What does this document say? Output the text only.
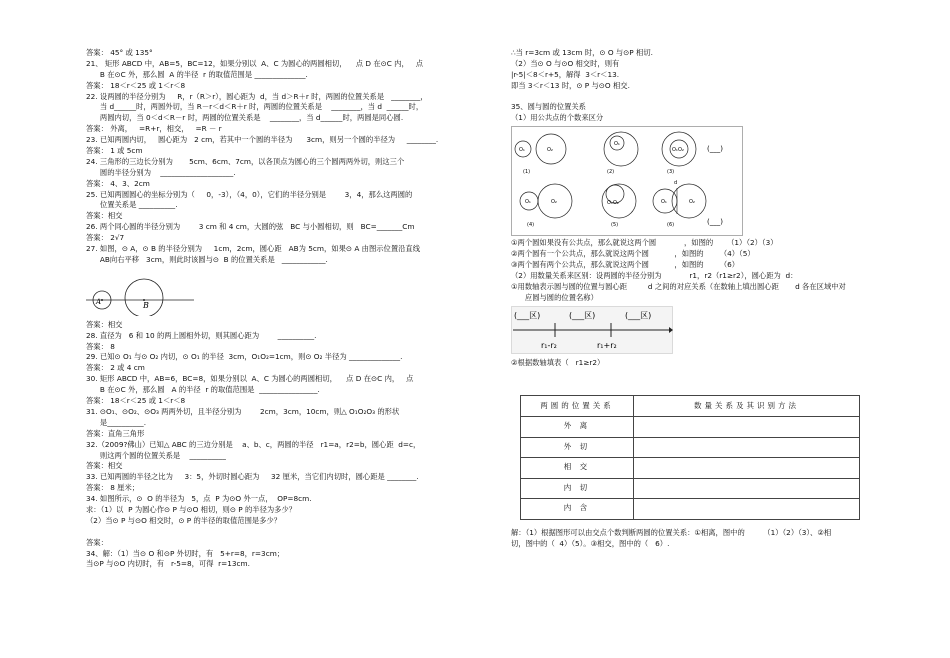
答案： 45° 或 135°
21、 矩形 ABCD 中，AB=5，BC=12，如果分别以  A、C 为圆心的两圆相切，    点 D 在⊙C 内，   点
B 在⊙C 外，那么圆  A 的半径  r 的取值范围是 ______________.
答案： 18＜r＜25 或 1＜r＜8
22. 设两圆的半径分别为     R，r（R＞r），圆心距为  d，当 d＞R＋r 时，两圆的位置关系是   ________，
当 d______时，两圆外切，当 R－r＜d＜R＋r 时，两圆的位置关系是    ________，当 d  ______时，
两圆内切，当 0＜d＜R－r 时，两圆的位置关系是    ________，当 d______时，两圆是同心圆.
答案： 外离，   =R+r，相交，   =R － r
23. 已知两圆内切，   圆心距为   2 cm，若其中一个圆的半径为      3cm，则另一个圆的半径为     ________.
答案： 1 或 5cm
24. 三角形的三边长分别为       5cm、6cm、7cm，以各顶点为圆心的三个圆两两外切，则这三个
圆的半径分别为    ____________________.
答案： 4、3、2cm
25. 已知两圆圆心的坐标分别为（     0，-3），（4，0），它们的半径分别是        3，4，那么这两圆的
位置关系是 __________.
答案：相交
26. 两个同心圆的半径分别为        3 cm 和 4 cm，大圆的弦   BC 与小圆相切，则   BC=_______Cm
答案： 2√7
27. 如图，⊙ A，⊙ B 的半径分别为     1cm，2cm，圆心距   AB为 5cm，如果⊙ A 由图示位置沿直线
AB向右平移   3cm，则此时该圆与⊙  B 的位置关系是   ____________.
A	B
答案：相交
28. 直径为   6 和 10 的两上圆相外切，则其圆心距为        __________.
答案： 8
29. 已知⊙ O₁ 与⊙ O₂ 内切，⊙ O₁ 的半径  3cm，O₁O₂=1cm，则⊙ O₂ 半径为 ______________.
答案： 2 或 4 cm
30. 矩形 ABCD 中，AB=6，BC=8，如果分别以  A、C 为圆心的两圆相切，    点 D 在⊙C 内，   点
B 在⊙C 外，那么圆   A 的半径  r 的取值范围是  ________________.
答案： 18＜r＜25 或 1＜r＜8
31. ⊙O₁、⊙O₂、⊙O₃ 两两外切，且半径分别为        2cm，3cm，10cm，则△ O₁O₂O₃ 的形状
是__________.
答案：直角三角形
32.（2009?佛山）已知△ ABC 的三边分别是    a、b、c，两圆的半径   r1=a，r2=b，圆心距  d=c，
则这两个圆的位置关系是    __________
答案：相交
33. 已知两圆的半径之比为     3：5，外切时圆心距为     32 厘米，当它们内切时，圆心距是 ________.
答案： 8 厘米；
34. 如图所示，⊙  O 的半径为   5，点  P 为⊙O 外一点，  OP=8cm.
求：（1）以  P 为圆心作⊙ P 与⊙O 相切，则⊙ P 的半径为多少？
（2）当⊙ P 与⊙O 相交时，⊙ P 的半径的取值范围是多少？
答案：
34、解：（1）当⊙ O 和⊙P 外切时，有   5+r=8，r=3cm；
当⊙P 与⊙O 内切时，有   r-5=8，可得  r=13cm.
∴当 r=3cm 或 13cm 时，⊙ O 与⊙P 相切.
（2）当⊙ O 与⊙O 相交时，则有
|r-5|＜8＜r+5，解得  3＜r＜13.
即当 3＜r＜13 时，⊙ P 与⊙O 相交.
35、圆与圆的位置关系
（1）用公共点的个数来区分
O₁	O₂
O₁
O₁O₂	(___)
(1)	(2)	(3)
O₁	O₂	O₁O₂
d
O₁	O₂
(___)
(4)	(5)	(6)
①两个圆如果没有公共点，那么就说这两个圆            ，如图的      （1）（2）（3）
②两个圆有一个公共点，那么就说这两个圆           ，如图的       （4）（5）
③两个圆有两个公共点，那么就说这两个圆           ，如图的       （6）
（2）用数量关系来区别：设两圆的半径分别为            r1，r2（r1≥r2），圆心距为  d：
①用数轴表示圆与圆的位置与圆心距         d 之间的对应关系（在数轴上填出圆心距       d 各在区域中对
应圆与圆的位置名称）
(___区)	(___区)	(___区)
r₁-r₂	r₁+r₂
②根据数轴填表（   r1≥r2）
两圆的位置关系	数量关系及其识别方法
外 离	
外 切	
相 交	
内 切	
内 含	
解：（1）根据图形可以由交点个数判断两圆的位置关系：①相离，图中的        （1）（2）（3）、②相
切，图中的（  4）（5）。③相交，图中的（   6）.
